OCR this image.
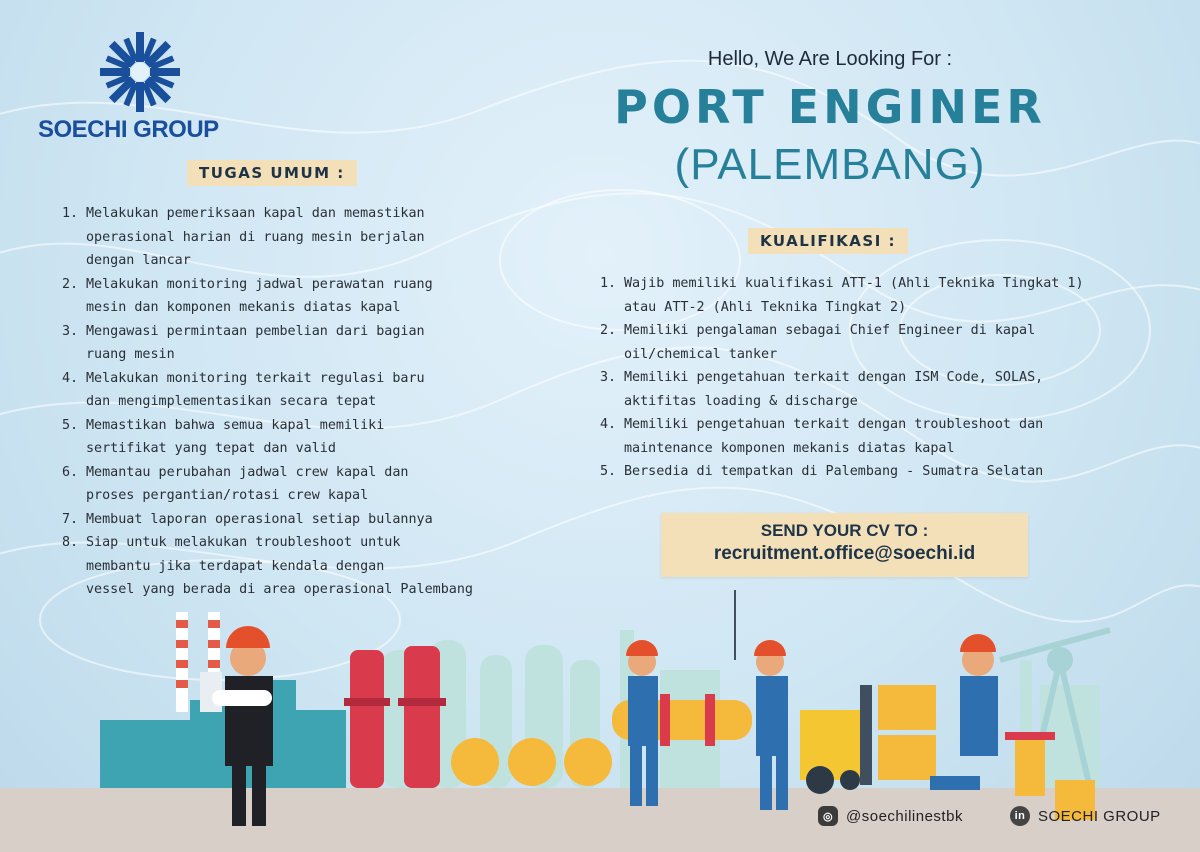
SOECHI GROUP
Hello, We Are Looking For :
PORT ENGINER
(PALEMBANG)
TUGAS UMUM :
1. Melakukan pemeriksaan kapal dan memastikan
operasional harian di ruang mesin berjalan
dengan lancar
2. Melakukan monitoring jadwal perawatan ruang
mesin dan komponen mekanis diatas kapal
3. Mengawasi permintaan pembelian dari bagian
ruang mesin
4. Melakukan monitoring terkait regulasi baru
dan mengimplementasikan secara tepat
5. Memastikan bahwa semua kapal memiliki
sertifikat yang tepat dan valid
6. Memantau perubahan jadwal crew kapal dan
proses pergantian/rotasi crew kapal
7. Membuat laporan operasional setiap bulannya
8. Siap untuk melakukan troubleshoot untuk
membantu jika terdapat kendala dengan
vessel yang berada di area operasional Palembang
KUALIFIKASI :
1. Wajib memiliki kualifikasi ATT-1 (Ahli Teknika Tingkat 1)
atau ATT-2 (Ahli Teknika Tingkat 2)
2. Memiliki pengalaman sebagai Chief Engineer di kapal
oil/chemical tanker
3. Memiliki pengetahuan terkait dengan ISM Code, SOLAS,
aktifitas loading & discharge
4. Memiliki pengetahuan terkait dengan troubleshoot dan
maintenance komponen mekanis diatas kapal
5. Bersedia di tempatkan di Palembang - Sumatra Selatan
SEND YOUR CV TO :
recruitment.office@soechi.id
◎ @soechilinestbk	in SOECHI GROUP
